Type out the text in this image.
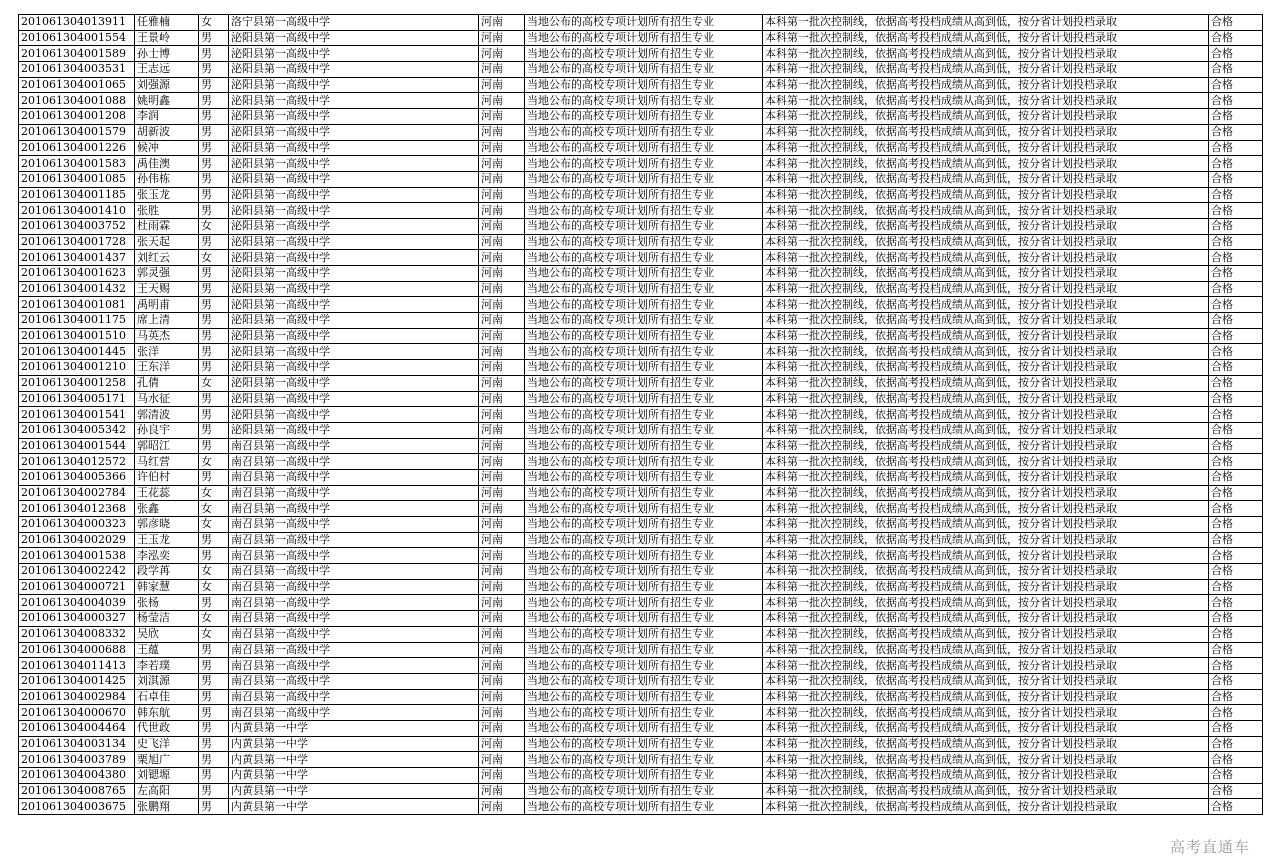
201061304013911	任雅楠	女	洛宁县第一高级中学	河南	当地公布的高校专项计划所有招生专业	本科第一批次控制线，依据高考投档成绩从高到低，按分省计划投档录取	合格
201061304001554	王景岭	男	泌阳县第一高级中学	河南	当地公布的高校专项计划所有招生专业	本科第一批次控制线，依据高考投档成绩从高到低，按分省计划投档录取	合格
201061304001589	孙士博	男	泌阳县第一高级中学	河南	当地公布的高校专项计划所有招生专业	本科第一批次控制线，依据高考投档成绩从高到低，按分省计划投档录取	合格
201061304003531	王志远	男	泌阳县第一高级中学	河南	当地公布的高校专项计划所有招生专业	本科第一批次控制线，依据高考投档成绩从高到低，按分省计划投档录取	合格
201061304001065	刘强源	男	泌阳县第一高级中学	河南	当地公布的高校专项计划所有招生专业	本科第一批次控制线，依据高考投档成绩从高到低，按分省计划投档录取	合格
201061304001088	姚明鑫	男	泌阳县第一高级中学	河南	当地公布的高校专项计划所有招生专业	本科第一批次控制线，依据高考投档成绩从高到低，按分省计划投档录取	合格
201061304001208	李润	男	泌阳县第一高级中学	河南	当地公布的高校专项计划所有招生专业	本科第一批次控制线，依据高考投档成绩从高到低，按分省计划投档录取	合格
201061304001579	胡新波	男	泌阳县第一高级中学	河南	当地公布的高校专项计划所有招生专业	本科第一批次控制线，依据高考投档成绩从高到低，按分省计划投档录取	合格
201061304001226	候冲	男	泌阳县第一高级中学	河南	当地公布的高校专项计划所有招生专业	本科第一批次控制线，依据高考投档成绩从高到低，按分省计划投档录取	合格
201061304001583	禹佳澳	男	泌阳县第一高级中学	河南	当地公布的高校专项计划所有招生专业	本科第一批次控制线，依据高考投档成绩从高到低，按分省计划投档录取	合格
201061304001085	孙伟栋	男	泌阳县第一高级中学	河南	当地公布的高校专项计划所有招生专业	本科第一批次控制线，依据高考投档成绩从高到低，按分省计划投档录取	合格
201061304001185	张玉龙	男	泌阳县第一高级中学	河南	当地公布的高校专项计划所有招生专业	本科第一批次控制线，依据高考投档成绩从高到低，按分省计划投档录取	合格
201061304001410	张胜	男	泌阳县第一高级中学	河南	当地公布的高校专项计划所有招生专业	本科第一批次控制线，依据高考投档成绩从高到低，按分省计划投档录取	合格
201061304003752	杜雨霖	女	泌阳县第一高级中学	河南	当地公布的高校专项计划所有招生专业	本科第一批次控制线，依据高考投档成绩从高到低，按分省计划投档录取	合格
201061304001728	张天起	男	泌阳县第一高级中学	河南	当地公布的高校专项计划所有招生专业	本科第一批次控制线，依据高考投档成绩从高到低，按分省计划投档录取	合格
201061304001437	刘红云	女	泌阳县第一高级中学	河南	当地公布的高校专项计划所有招生专业	本科第一批次控制线，依据高考投档成绩从高到低，按分省计划投档录取	合格
201061304001623	郭灵强	男	泌阳县第一高级中学	河南	当地公布的高校专项计划所有招生专业	本科第一批次控制线，依据高考投档成绩从高到低，按分省计划投档录取	合格
201061304001432	王天赐	男	泌阳县第一高级中学	河南	当地公布的高校专项计划所有招生专业	本科第一批次控制线，依据高考投档成绩从高到低，按分省计划投档录取	合格
201061304001081	禹明甫	男	泌阳县第一高级中学	河南	当地公布的高校专项计划所有招生专业	本科第一批次控制线，依据高考投档成绩从高到低，按分省计划投档录取	合格
201061304001175	席上清	男	泌阳县第一高级中学	河南	当地公布的高校专项计划所有招生专业	本科第一批次控制线，依据高考投档成绩从高到低，按分省计划投档录取	合格
201061304001510	马英杰	男	泌阳县第一高级中学	河南	当地公布的高校专项计划所有招生专业	本科第一批次控制线，依据高考投档成绩从高到低，按分省计划投档录取	合格
201061304001445	张洋	男	泌阳县第一高级中学	河南	当地公布的高校专项计划所有招生专业	本科第一批次控制线，依据高考投档成绩从高到低，按分省计划投档录取	合格
201061304001210	王东洋	男	泌阳县第一高级中学	河南	当地公布的高校专项计划所有招生专业	本科第一批次控制线，依据高考投档成绩从高到低，按分省计划投档录取	合格
201061304001258	孔倩	女	泌阳县第一高级中学	河南	当地公布的高校专项计划所有招生专业	本科第一批次控制线，依据高考投档成绩从高到低，按分省计划投档录取	合格
201061304005171	马水征	男	泌阳县第一高级中学	河南	当地公布的高校专项计划所有招生专业	本科第一批次控制线，依据高考投档成绩从高到低，按分省计划投档录取	合格
201061304001541	郭清波	男	泌阳县第一高级中学	河南	当地公布的高校专项计划所有招生专业	本科第一批次控制线，依据高考投档成绩从高到低，按分省计划投档录取	合格
201061304005342	孙良宇	男	泌阳县第一高级中学	河南	当地公布的高校专项计划所有招生专业	本科第一批次控制线，依据高考投档成绩从高到低，按分省计划投档录取	合格
201061304001544	郭昭江	男	南召县第一高级中学	河南	当地公布的高校专项计划所有招生专业	本科第一批次控制线，依据高考投档成绩从高到低，按分省计划投档录取	合格
201061304012572	马红营	女	南召县第一高级中学	河南	当地公布的高校专项计划所有招生专业	本科第一批次控制线，依据高考投档成绩从高到低，按分省计划投档录取	合格
201061304005366	许伯村	男	南召县第一高级中学	河南	当地公布的高校专项计划所有招生专业	本科第一批次控制线，依据高考投档成绩从高到低，按分省计划投档录取	合格
201061304002784	王花蕊	女	南召县第一高级中学	河南	当地公布的高校专项计划所有招生专业	本科第一批次控制线，依据高考投档成绩从高到低，按分省计划投档录取	合格
201061304012368	张鑫	女	南召县第一高级中学	河南	当地公布的高校专项计划所有招生专业	本科第一批次控制线，依据高考投档成绩从高到低，按分省计划投档录取	合格
201061304000323	郭彦晓	女	南召县第一高级中学	河南	当地公布的高校专项计划所有招生专业	本科第一批次控制线，依据高考投档成绩从高到低，按分省计划投档录取	合格
201061304002029	王玉龙	男	南召县第一高级中学	河南	当地公布的高校专项计划所有招生专业	本科第一批次控制线，依据高考投档成绩从高到低，按分省计划投档录取	合格
201061304001538	李泓奕	男	南召县第一高级中学	河南	当地公布的高校专项计划所有招生专业	本科第一批次控制线，依据高考投档成绩从高到低，按分省计划投档录取	合格
201061304002242	段学苒	女	南召县第一高级中学	河南	当地公布的高校专项计划所有招生专业	本科第一批次控制线，依据高考投档成绩从高到低，按分省计划投档录取	合格
201061304000721	韩家慧	女	南召县第一高级中学	河南	当地公布的高校专项计划所有招生专业	本科第一批次控制线，依据高考投档成绩从高到低，按分省计划投档录取	合格
201061304004039	张杨	男	南召县第一高级中学	河南	当地公布的高校专项计划所有招生专业	本科第一批次控制线，依据高考投档成绩从高到低，按分省计划投档录取	合格
201061304000327	杨莹洁	女	南召县第一高级中学	河南	当地公布的高校专项计划所有招生专业	本科第一批次控制线，依据高考投档成绩从高到低，按分省计划投档录取	合格
201061304008332	吴欣	女	南召县第一高级中学	河南	当地公布的高校专项计划所有招生专业	本科第一批次控制线，依据高考投档成绩从高到低，按分省计划投档录取	合格
201061304000688	王蕴	男	南召县第一高级中学	河南	当地公布的高校专项计划所有招生专业	本科第一批次控制线，依据高考投档成绩从高到低，按分省计划投档录取	合格
201061304011413	李若璞	男	南召县第一高级中学	河南	当地公布的高校专项计划所有招生专业	本科第一批次控制线，依据高考投档成绩从高到低，按分省计划投档录取	合格
201061304001425	刘淇源	男	南召县第一高级中学	河南	当地公布的高校专项计划所有招生专业	本科第一批次控制线，依据高考投档成绩从高到低，按分省计划投档录取	合格
201061304002984	石卓佳	男	南召县第一高级中学	河南	当地公布的高校专项计划所有招生专业	本科第一批次控制线，依据高考投档成绩从高到低，按分省计划投档录取	合格
201061304000670	韩东航	男	南召县第一高级中学	河南	当地公布的高校专项计划所有招生专业	本科第一批次控制线，依据高考投档成绩从高到低，按分省计划投档录取	合格
201061304004464	代世政	男	内黄县第一中学	河南	当地公布的高校专项计划所有招生专业	本科第一批次控制线，依据高考投档成绩从高到低，按分省计划投档录取	合格
201061304003134	史飞洋	男	内黄县第一中学	河南	当地公布的高校专项计划所有招生专业	本科第一批次控制线，依据高考投档成绩从高到低，按分省计划投档录取	合格
201061304003789	栗旭广	男	内黄县第一中学	河南	当地公布的高校专项计划所有招生专业	本科第一批次控制线，依据高考投档成绩从高到低，按分省计划投档录取	合格
201061304004380	刘锶塬	男	内黄县第一中学	河南	当地公布的高校专项计划所有招生专业	本科第一批次控制线，依据高考投档成绩从高到低，按分省计划投档录取	合格
201061304008765	左高阳	男	内黄县第一中学	河南	当地公布的高校专项计划所有招生专业	本科第一批次控制线，依据高考投档成绩从高到低，按分省计划投档录取	合格
201061304003675	张鹏翔	男	内黄县第一中学	河南	当地公布的高校专项计划所有招生专业	本科第一批次控制线，依据高考投档成绩从高到低，按分省计划投档录取	合格
高考直通车
